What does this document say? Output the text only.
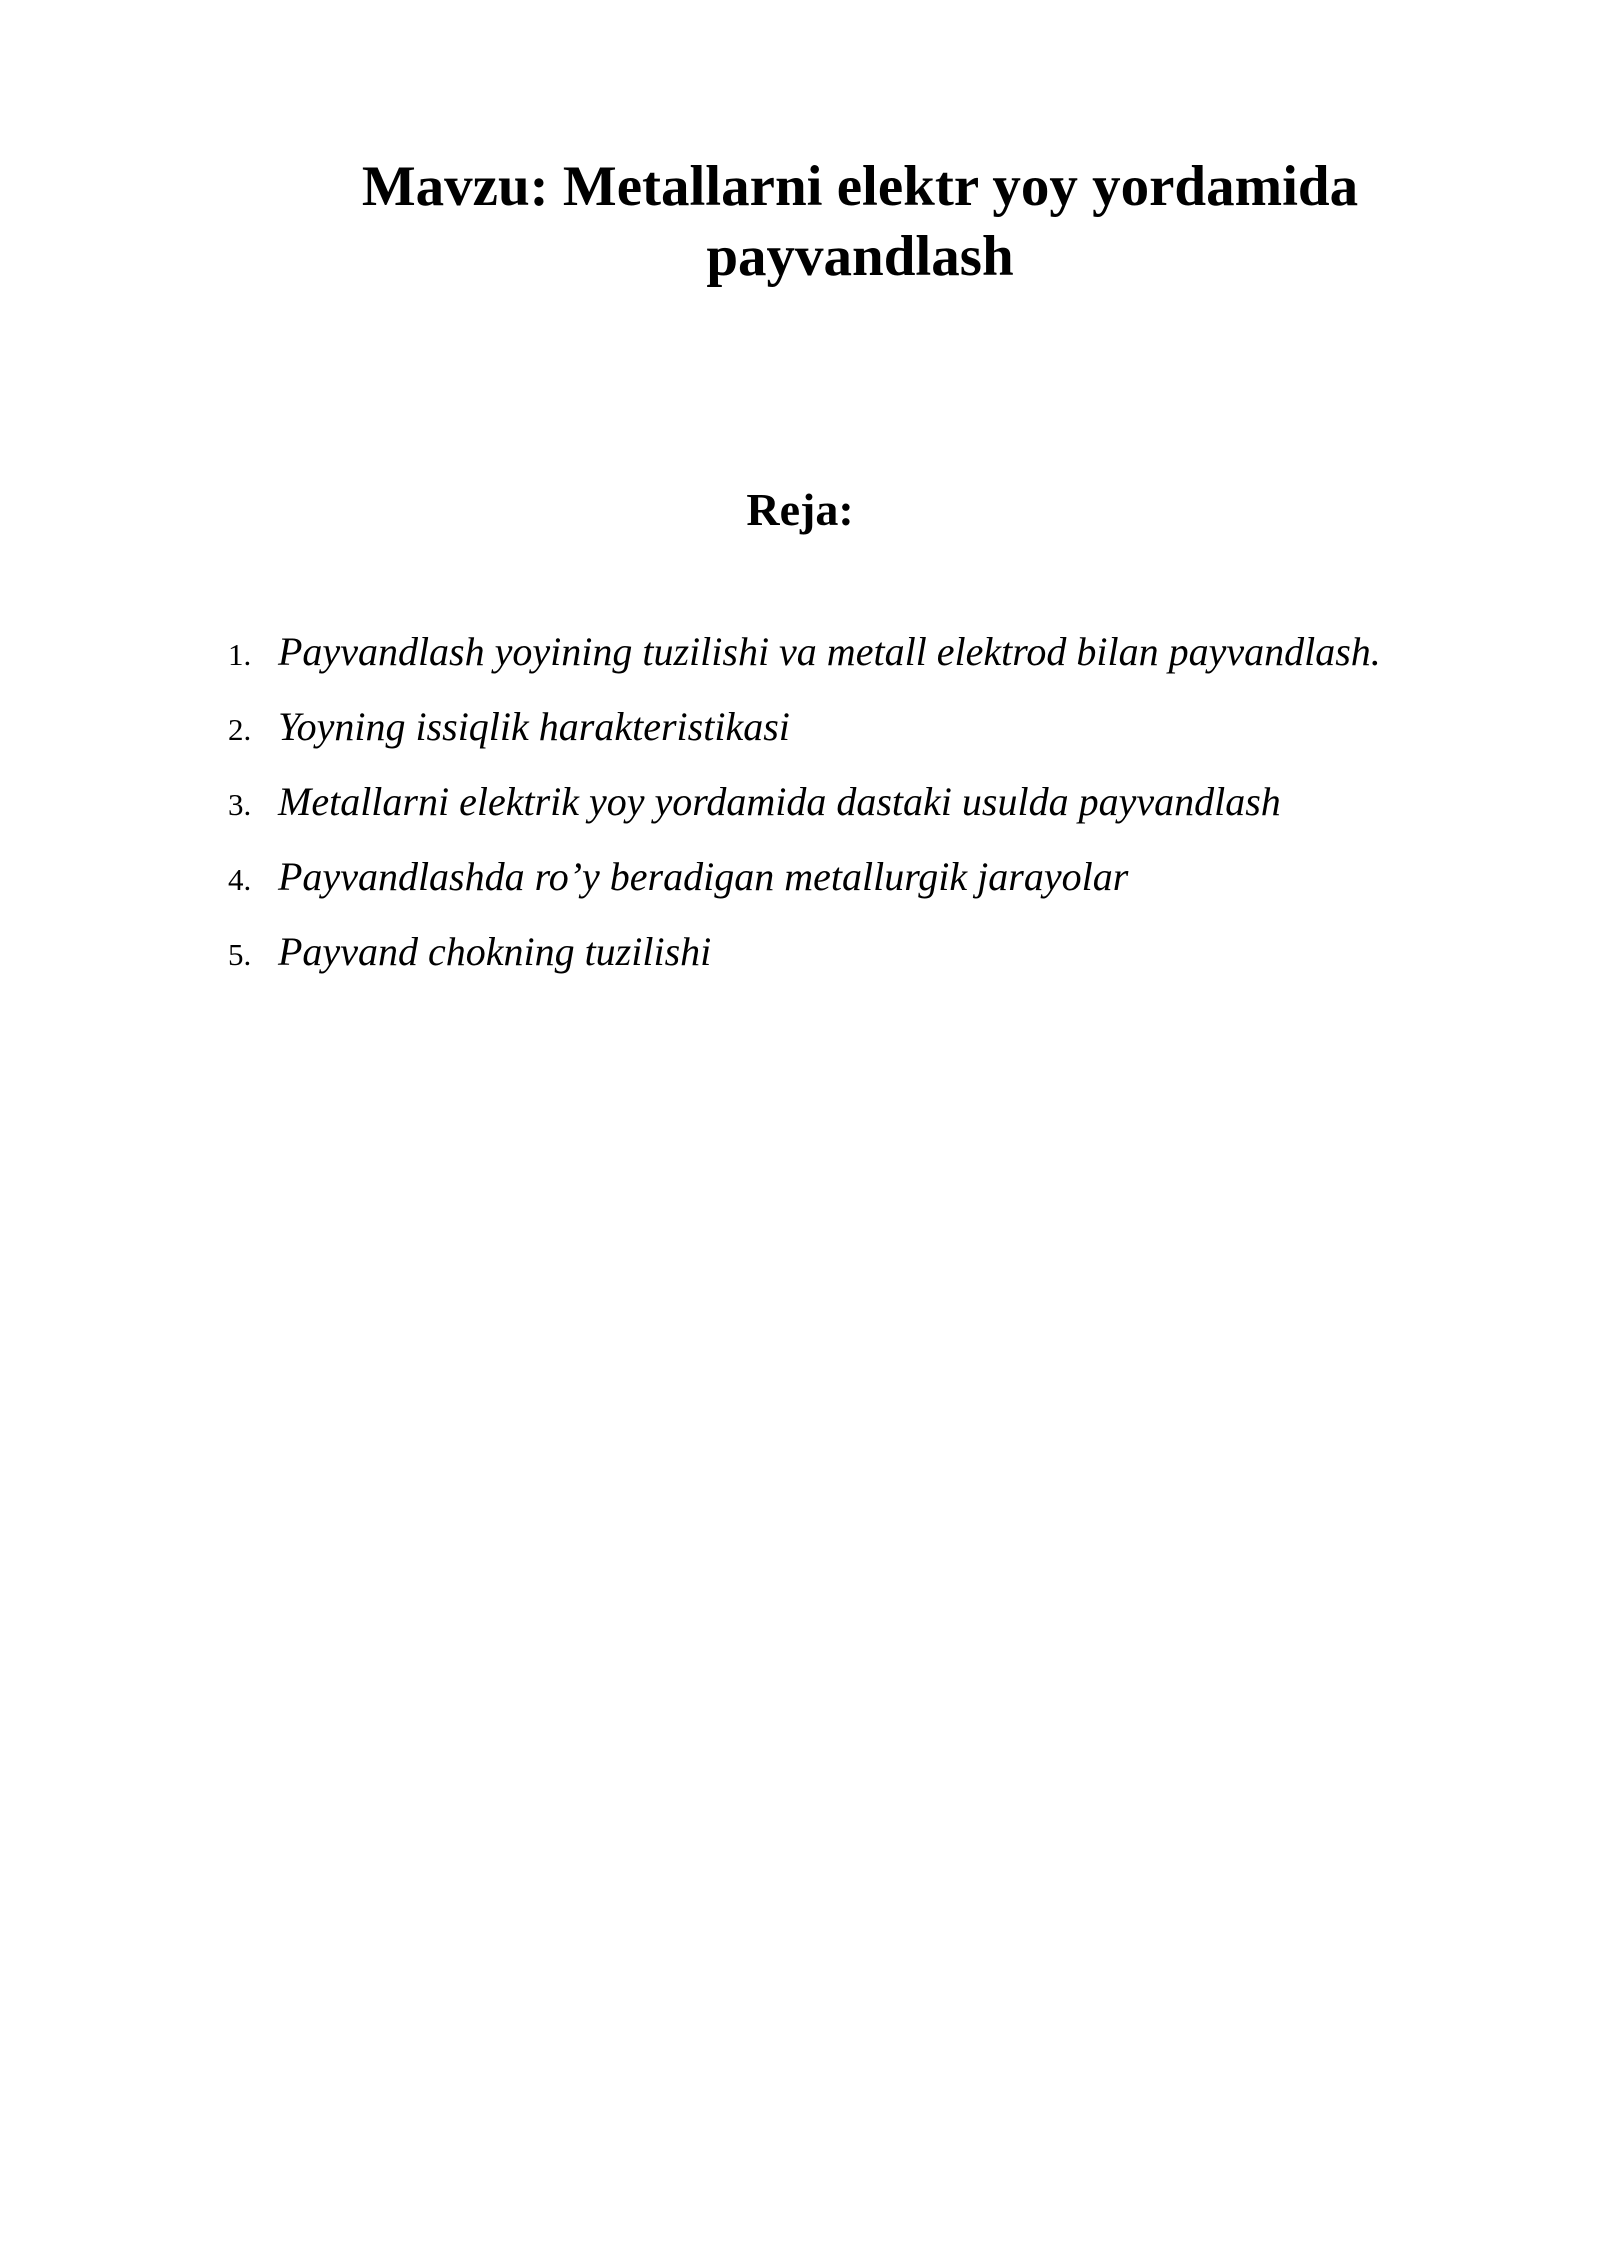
Mavzu: Metallarni elektr yoy yordamida
payvandlash
Reja:
1. Payvandlash yoyining tuzilishi va metall elektrod bilan payvandlash.
2. Yoyning issiqlik harakteristikasi
3. Metallarni elektrik yoy yordamida dastaki usulda payvandlash
4. Payvandlashda ro’y beradigan metallurgik jarayolar
5. Payvand chokning tuzilishi
